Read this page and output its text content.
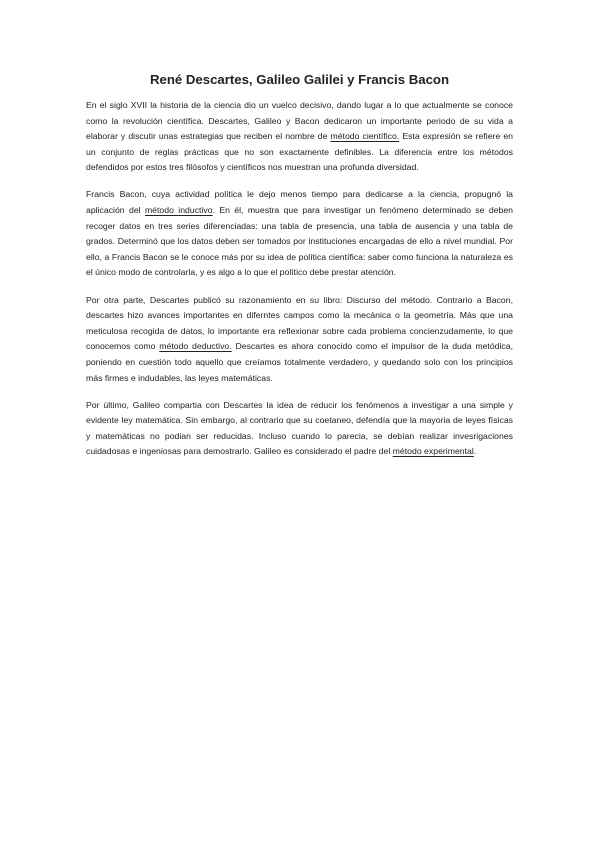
René Descartes, Galileo Galilei y Francis Bacon

En el siglo XVII la historia de la ciencia dio un vuelco decisivo, dando lugar a lo que actualmente se conoce como la revolución científica. Descartes, Galileo y Bacon dedicaron un importante periodo de su vida a elaborar y discutir unas estrategias que reciben el nombre de método científico. Esta expresión se refiere en un conjunto de reglas prácticas que no son exactamente definibles. La diferencia entre los métodos defendidos por estos tres filósofos y científicos nos muestran una profunda diversidad.

Francis Bacon, cuya actividad política le dejo menos tiempo para dedicarse a la ciencia, propugnó la aplicación del método inductivo. En él, muestra que para investigar un fenómeno determinado se deben recoger datos en tres series diferenciadas: una tabla de presencia, una tabla de ausencia y una tabla de grados. Determinó que los datos deben ser tomados por instituciones encargadas de ello a nivel mundial. Por ello, a Francis Bacon se le conoce más por su idea de política científica: saber como funciona la naturaleza es el único modo de controlarla, y es algo a lo que el político debe prestar atención.

Por otra parte, Descartes publicó su razonamiento en su libro: Discurso del método. Contrario a Bacon, descartes hizo avances importantes en diferntes campos como la mecánica o la geometría. Más que una meticulosa recogida de datos, lo importante era reflexionar sobre cada problema concienzudamente, lo que conocemos como método deductivo. Descartes es ahora conocido como el impulsor de la duda metódica, poniendo en cuestión todo aquello que creíamos totalmente verdadero, y quedando solo con los principios más firmes e indudables, las leyes matemáticas.

Por último, Galileo compartia con Descartes la idea de reducir los fenómenos a investigar a una simple y evidente ley matemática. Sin embargo, al contrario que su coetaneo, defendía que la mayoria de leyes físicas y matemáticas no podian ser reducidas. Incluso cuando lo parecia, se debían realizar invesrigaciones cuidadosas e ingeniosas para demostrarlo. Galileo es considerado el padre del método experimental.
